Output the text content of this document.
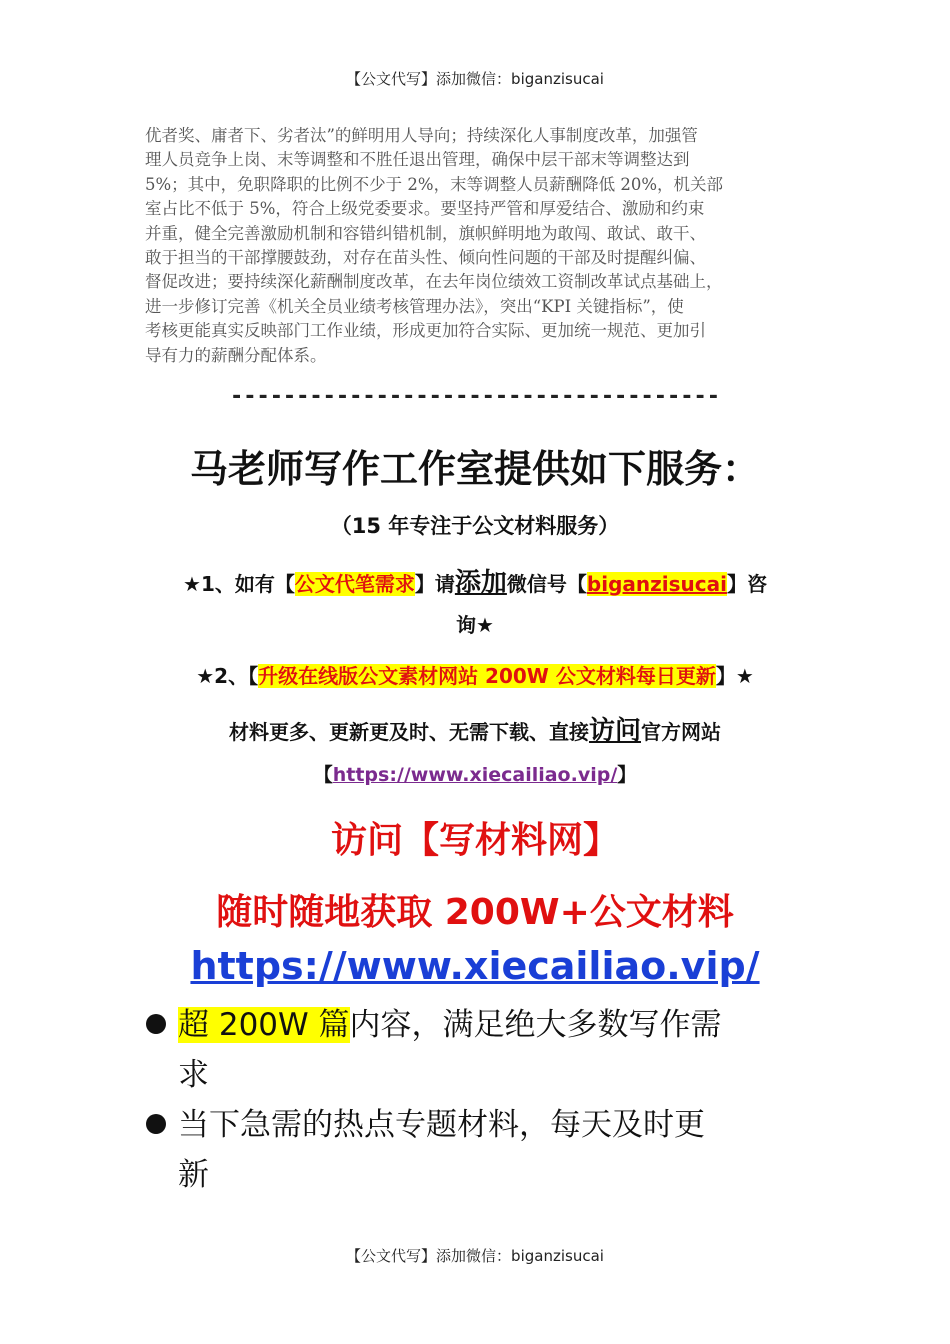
【公文代写】添加微信：biganzisucai
优者奖、庸者下、劣者汰”的鲜明用人导向；持续深化人事制度改革，加强管
理人员竞争上岗、末等调整和不胜任退出管理，确保中层干部末等调整达到
5%；其中，免职降职的比例不少于 2%，末等调整人员薪酬降低 20%，机关部
室占比不低于 5%，符合上级党委要求。要坚持严管和厚爱结合、激励和约束
并重，健全完善激励机制和容错纠错机制，旗帜鲜明地为敢闯、敢试、敢干、
敢于担当的干部撑腰鼓劲，对存在苗头性、倾向性问题的干部及时提醒纠偏、
督促改进；要持续深化薪酬制度改革，在去年岗位绩效工资制改革试点基础上，
进一步修订完善《机关全员业绩考核管理办法》，突出“KPI 关键指标”，使
考核更能真实反映部门工作业绩，形成更加符合实际、更加统一规范、更加引
导有力的薪酬分配体系。
-------------------------------------
马老师写作工作室提供如下服务：
（15 年专注于公文材料服务）
★1、如有【公文代笔需求】请添加微信号【biganzisucai】咨
询★
★2、【升级在线版公文素材网站 200W 公文材料每日更新】★
材料更多、更新更及时、无需下载、直接访问官方网站
【https://www.xiecailiao.vip/】
访问【写材料网】
随时随地获取 200W+公文材料
https://www.xiecailiao.vip/
超 200W 篇内容，满足绝大多数写作需
求
当下急需的热点专题材料，每天及时更
新
【公文代写】添加微信：biganzisucai
